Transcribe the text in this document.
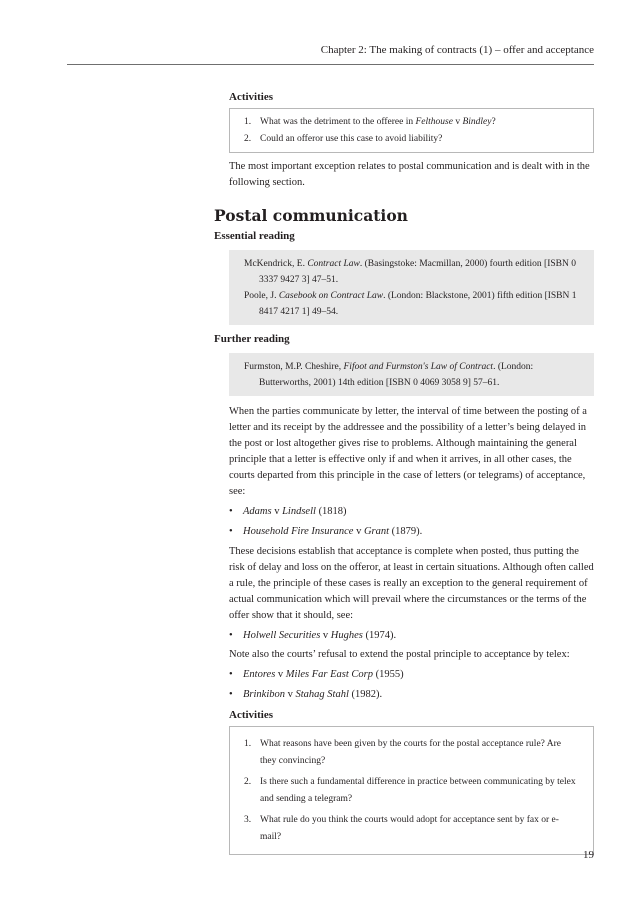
Chapter 2: The making of contracts (1) – offer and acceptance
Activities
1. What was the detriment to the offeree in Felthouse v Bindley?
2. Could an offeror use this case to avoid liability?

The most important exception relates to postal communication and is dealt with in the following section.

Postal communication
Essential reading
McKendrick, E. Contract Law. (Basingstoke: Macmillan, 2000) fourth edition [ISBN 0 3337 9427 3] 47–51.
Poole, J. Casebook on Contract Law. (London: Blackstone, 2001) fifth edition [ISBN 1 8417 4217 1] 49–54.
Further reading
Furmston, M.P. Cheshire, Fifoot and Furmston's Law of Contract. (London: Butterworths, 2001) 14th edition [ISBN 0 4069 3058 9] 57–61.

When the parties communicate by letter, the interval of time between the posting of a letter and its receipt by the addressee and the possibility of a letter’s being delayed in the post or lost altogether gives rise to problems. Although maintaining the general principle that a letter is effective only if and when it arrives, in all other cases, the courts departed from this principle in the case of letters (or telegrams) of acceptance, see:

• Adams v Lindsell (1818)
• Household Fire Insurance v Grant (1879).

These decisions establish that acceptance is complete when posted, thus putting the risk of delay and loss on the offeror, at least in certain situations. Although often called a rule, the principle of these cases is really an exception to the general requirement of actual communication which will prevail where the circumstances or the terms of the offer show that it should, see:

• Holwell Securities v Hughes (1974).

Note also the courts’ refusal to extend the postal principle to acceptance by telex:

• Entores v Miles Far East Corp (1955)
• Brinkibon v Stahag Stahl (1982).
Activities
1. What reasons have been given by the courts for the postal acceptance rule? Are they convincing?
2. Is there such a fundamental difference in practice between communicating by telex and sending a telegram?
3. What rule do you think the courts would adopt for acceptance sent by fax or e-mail?
19
